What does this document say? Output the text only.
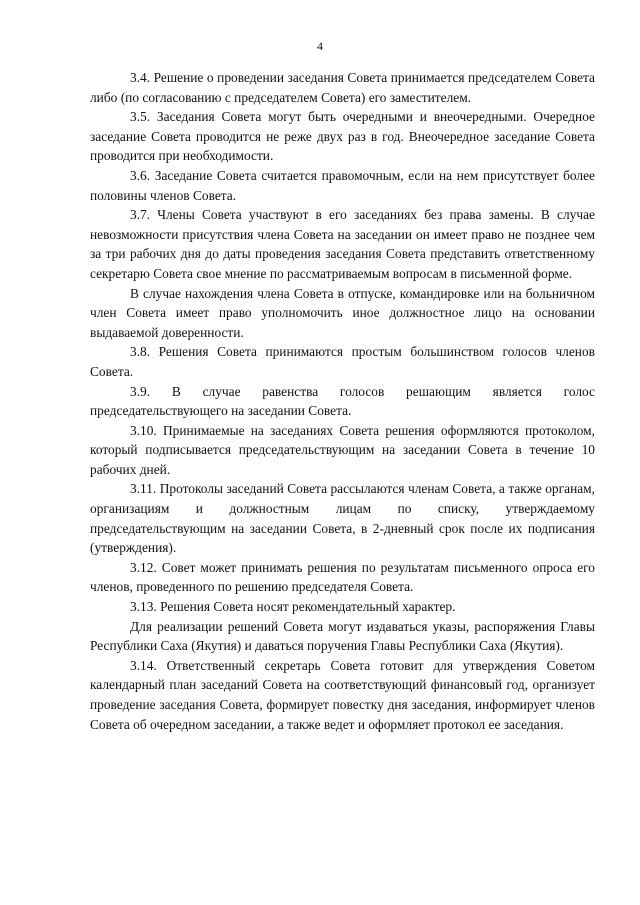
4

3.4. Решение о проведении заседания Совета принимается председателем Совета либо (по согласованию с председателем Совета) его заместителем.

3.5. Заседания Совета могут быть очередными и внеочередными. Очередное заседание Совета проводится не реже двух раз в год. Внеочередное заседание Совета проводится при необходимости.

3.6. Заседание Совета считается правомочным, если на нем присутствует более половины членов Совета.

3.7. Члены Совета участвуют в его заседаниях без права замены. В случае невозможности присутствия члена Совета на заседании он имеет право не позднее чем за три рабочих дня до даты проведения заседания Совета представить ответственному секретарю Совета свое мнение по рассматриваемым вопросам в письменной форме.

В случае нахождения члена Совета в отпуске, командировке или на больничном член Совета имеет право уполномочить иное должностное лицо на основании выдаваемой доверенности.

3.8. Решения Совета принимаются простым большинством голосов членов Совета.

3.9. В случае равенства голосов решающим является голос председательствующего на заседании Совета.

3.10. Принимаемые на заседаниях Совета решения оформляются протоколом, который подписывается председательствующим на заседании Совета в течение 10 рабочих дней.

3.11. Протоколы заседаний Совета рассылаются членам Совета, а также органам, организациям и должностным лицам по списку, утверждаемому председательствующим на заседании Совета, в 2-дневный срок после их подписания (утверждения).

3.12. Совет может принимать решения по результатам письменного опроса его членов, проведенного по решению председателя Совета.

3.13. Решения Совета носят рекомендательный характер.

Для реализации решений Совета могут издаваться указы, распоряжения Главы Республики Саха (Якутия) и даваться поручения Главы Республики Саха (Якутия).

3.14. Ответственный секретарь Совета готовит для утверждения Советом календарный план заседаний Совета на соответствующий финансовый год, организует проведение заседания Совета, формирует повестку дня заседания, информирует членов Совета об очередном заседании, а также ведет и оформляет протокол ее заседания.
